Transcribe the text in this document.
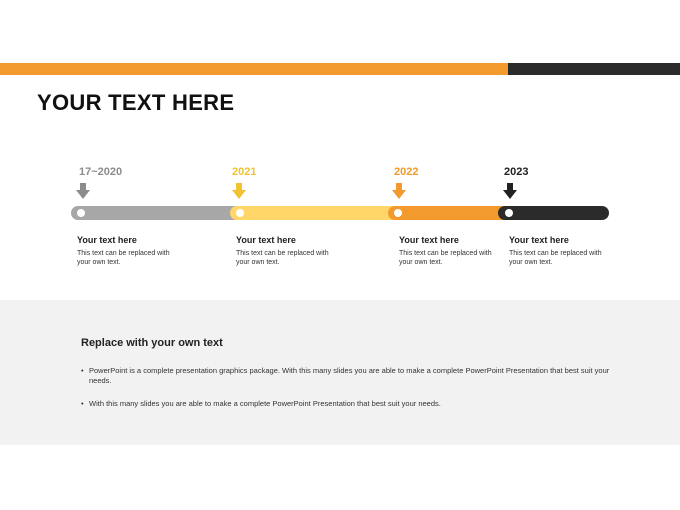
YOUR TEXT HERE
17~2020	2021	2022	2023
Your text here
This text can be replaced with your own text.
Your text here
This text can be replaced with your own text.
Your text here
This text can be replaced with your own text.
Your text here
This text can be replaced with your own text.
Replace with your own text
• PowerPoint is a complete presentation graphics package. With this many slides you are able to make a complete PowerPoint Presentation that best suit your needs.
• With this many slides you are able to make a complete PowerPoint Presentation that best suit your needs.
